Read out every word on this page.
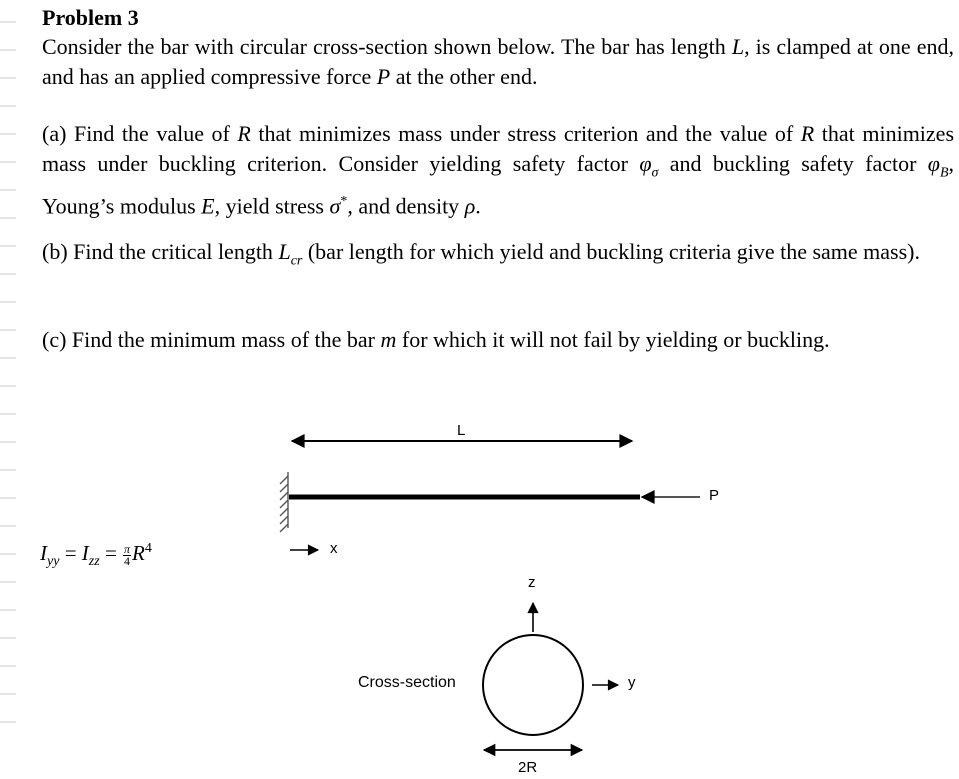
Problem 3

Consider the bar with circular cross-section shown below. The bar has length L, is clamped at one end, and has an applied compressive force P at the other end.

(a) Find the value of R that minimizes mass under stress criterion and the value of R that minimizes mass under buckling criterion. Consider yielding safety factor $\varphi_\sigma$ and buckling safety factor $\varphi_B$, Young’s modulus E, yield stress σ*, and density ρ.

(b) Find the critical length $L_{cr}$ (bar length for which yield and buckling criteria give the same mass).

(c) Find the minimum mass of the bar m for which it will not fail by yielding or buckling.

L
P
x
z
y
Cross-section
2R
$I_{yy} = I_{zz} = \frac{\pi}{4} R^4$
